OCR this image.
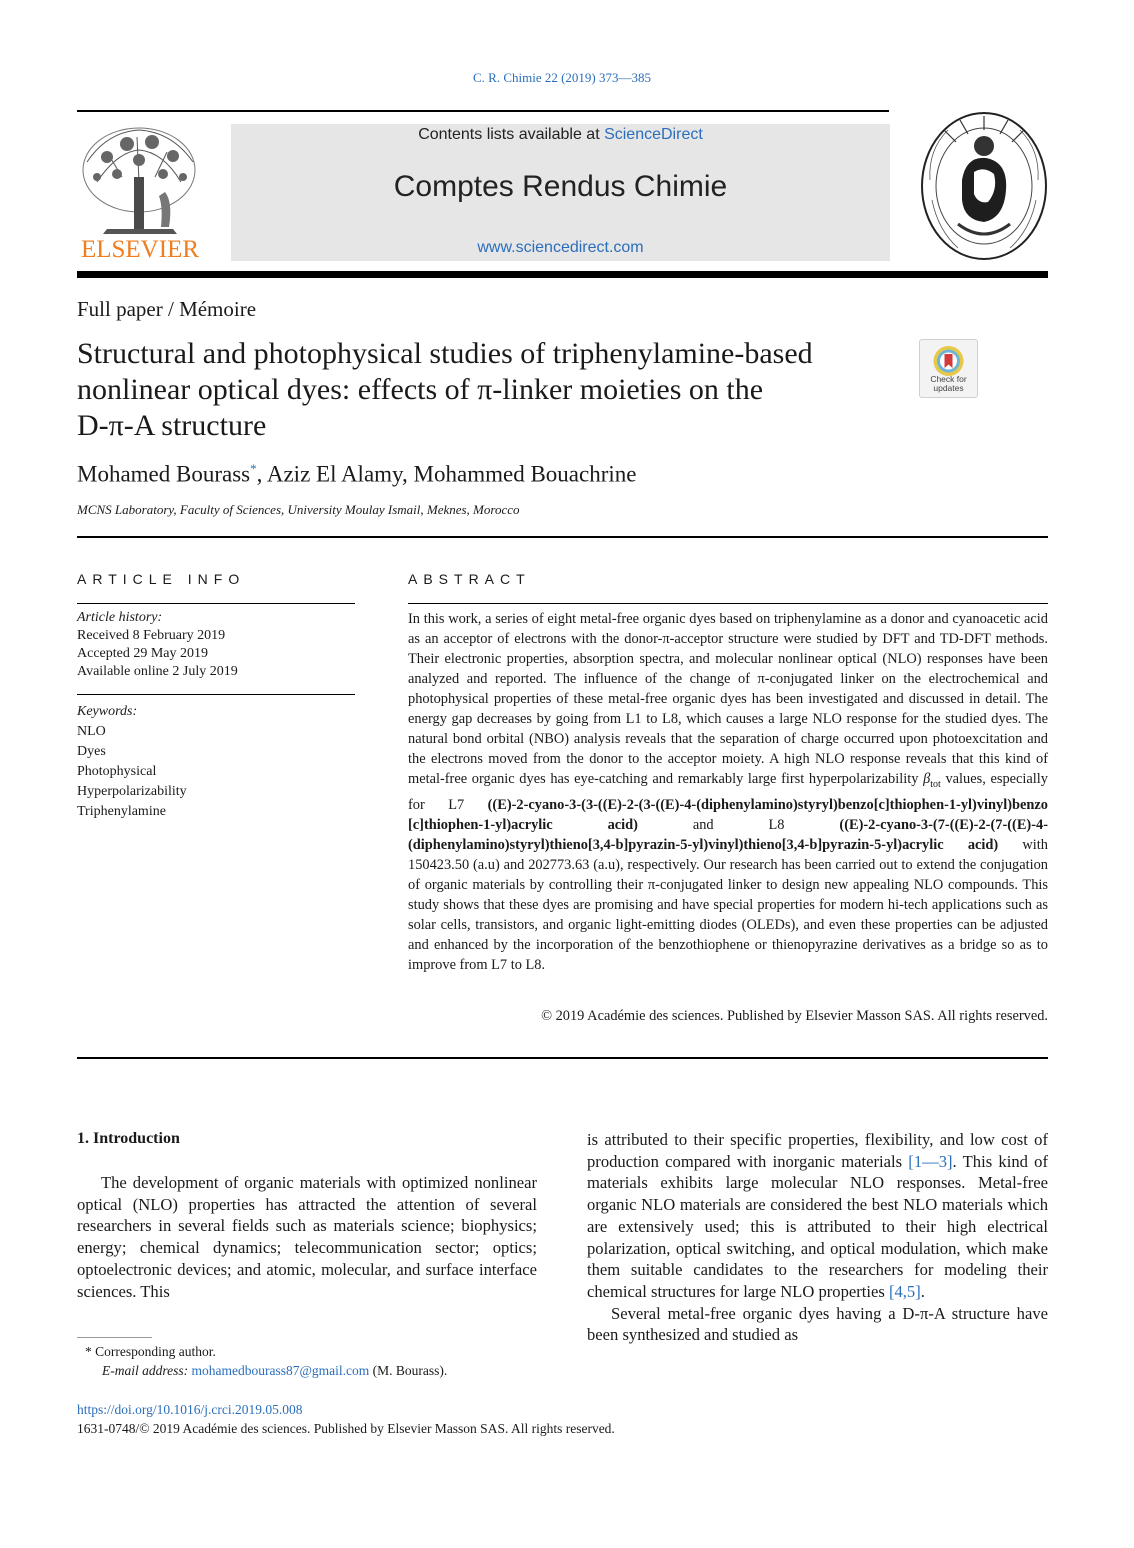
C. R. Chimie 22 (2019) 373—385
ELSEVIER
Contents lists available at ScienceDirect
Comptes Rendus Chimie
www.sciencedirect.com
Full paper / Mémoire
Structural and photophysical studies of triphenylamine-based
nonlinear optical dyes: effects of π-linker moieties on the
D-π-A structure
Check for updates
Mohamed Bourass*, Aziz El Alamy, Mohammed Bouachrine
MCNS Laboratory, Faculty of Sciences, University Moulay Ismail, Meknes, Morocco
ARTICLE INFO
Article history:
Received 8 February 2019
Accepted 29 May 2019
Available online 2 July 2019
Keywords:
NLO
Dyes
Photophysical
Hyperpolarizability
Triphenylamine
ABSTRACT
In this work, a series of eight metal-free organic dyes based on triphenylamine as a donor and cyanoacetic acid as an acceptor of electrons with the donor-π-acceptor structure were studied by DFT and TD-DFT methods. Their electronic properties, absorption spectra, and molecular nonlinear optical (NLO) responses have been analyzed and reported. The influence of the change of π-conjugated linker on the electrochemical and photophysical properties of these metal-free organic dyes has been investigated and discussed in detail. The energy gap decreases by going from L1 to L8, which causes a large NLO response for the studied dyes. The natural bond orbital (NBO) analysis reveals that the separation of charge occurred upon photoexcitation and the electrons moved from the donor to the acceptor moiety. A high NLO response reveals that this kind of metal-free organic dyes has eye-catching and remarkably large first hyperpolarizability $\beta_{tot}$ values, especially for L7 ((E)-2-cyano-3-(3-((E)-2-(3-((E)-4-(diphenylamino)styryl)benzo[c]thiophen-1-yl)vinyl)benzo [c]thiophen-1-yl)acrylic acid) and L8 ((E)-2-cyano-3-(7-((E)-2-(7-((E)-4-(diphenylamino)styryl)thieno[3,4-b]pyrazin-5-yl)vinyl)thieno[3,4-b]pyrazin-5-yl)acrylic acid) with 150423.50 (a.u) and 202773.63 (a.u), respectively. Our research has been carried out to extend the conjugation of organic materials by controlling their π-conjugated linker to design new appealing NLO compounds. This study shows that these dyes are promising and have special properties for modern hi-tech applications such as solar cells, transistors, and organic light-emitting diodes (OLEDs), and even these properties can be adjusted and enhanced by the incorporation of the benzothiophene or thienopyrazine derivatives as a bridge so as to improve from L7 to L8.
© 2019 Académie des sciences. Published by Elsevier Masson SAS. All rights reserved.
1. Introduction
The development of organic materials with optimized nonlinear optical (NLO) properties has attracted the attention of several researchers in several fields such as materials science; biophysics; energy; chemical dynamics; telecommunication sector; optics; optoelectronic devices; and atomic, molecular, and surface interface sciences. This

is attributed to their specific properties, flexibility, and low cost of production compared with inorganic materials [1—3]. This kind of materials exhibits large molecular NLO responses. Metal-free organic NLO materials are considered the best NLO materials which are extensively used; this is attributed to their high electrical polarization, optical switching, and optical modulation, which make them suitable candidates to the researchers for modeling their chemical structures for large NLO properties [4,5].

Several metal-free organic dyes having a D-π-A structure have been synthesized and studied as

* Corresponding author.
E-mail address: mohamedbourass87@gmail.com (M. Bourass).
https://doi.org/10.1016/j.crci.2019.05.008
1631-0748/© 2019 Académie des sciences. Published by Elsevier Masson SAS. All rights reserved.
